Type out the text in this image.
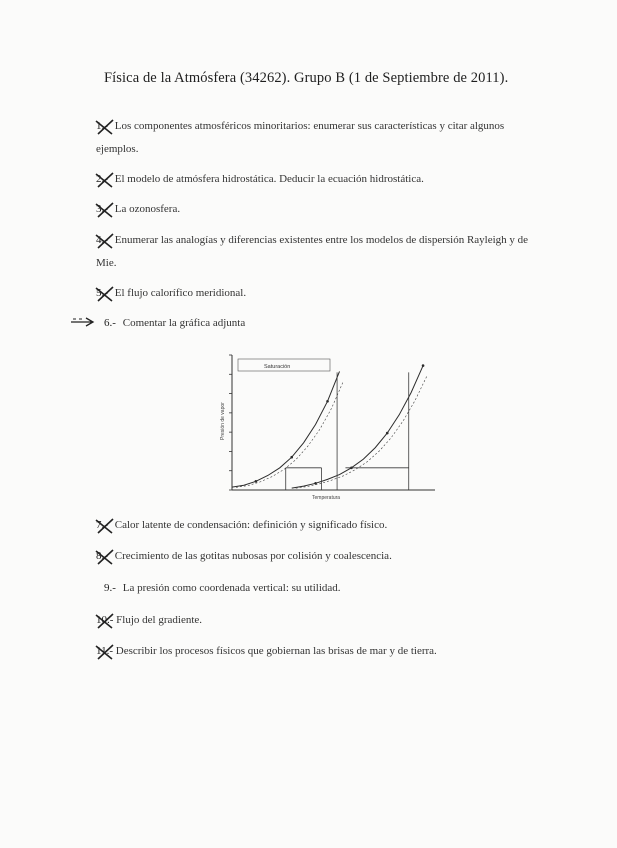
Física de la Atmósfera (34262). Grupo B (1 de Septiembre de 2011).
1.- Los componentes atmosféricos minoritarios: enumerar sus características y citar algunos ejemplos.
2.- El modelo de atmósfera hidrostática. Deducir la ecuación hidrostática.
3.- La ozonosfera.
4.- Enumerar las analogías y diferencias existentes entre los modelos de dispersión Rayleigh y de Mie.
5.- El flujo calorífico meridional.
6.- Comentar la gráfica adjunta
Saturación
Presión de vapor
Temperatura
7.- Calor latente de condensación: definición y significado físico.
8.- Crecimiento de las gotitas nubosas por colisión y coalescencia.
9.- La presión como coordenada vertical: su utilidad.
10.- Flujo del gradiente.
11.- Describir los procesos físicos que gobiernan las brisas de mar y de tierra.
